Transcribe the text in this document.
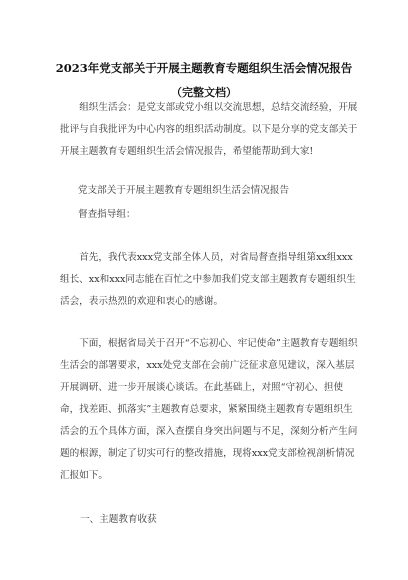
2023年党支部关于开展主题教育专题组织生活会情况报告
（完整文档）
组织生活会：是党支部或党小组以交流思想，总结交流经验，开展批评与自我批评为中心内容的组织活动制度。以下是分享的党支部关于开展主题教育专题组织生活会情况报告，希望能帮助到大家!
党支部关于开展主题教育专题组织生活会情况报告
督查指导组：
首先，我代表xxx党支部全体人员，对省局督查指导组第xx组xxx组长、xx和xxx同志能在百忙之中参加我们党支部主题教育专题组织生活会，表示热烈的欢迎和衷心的感谢。
下面，根据省局关于召开“不忘初心、牢记使命”主题教育专题组织生活会的部署要求，xxx处党支部在会前广泛征求意见建议，深入基层开展调研、进一步开展谈心谈话。在此基础上，对照“守初心、担使命，找差距、抓落实”主题教育总要求，紧紧围绕主题教育专题组织生活会的五个具体方面，深入查摆自身突出问题与不足，深刻分析产生问题的根源，制定了切实可行的整改措施，现将xxx党支部检视剖析情况汇报如下。
一、主题教育收获
